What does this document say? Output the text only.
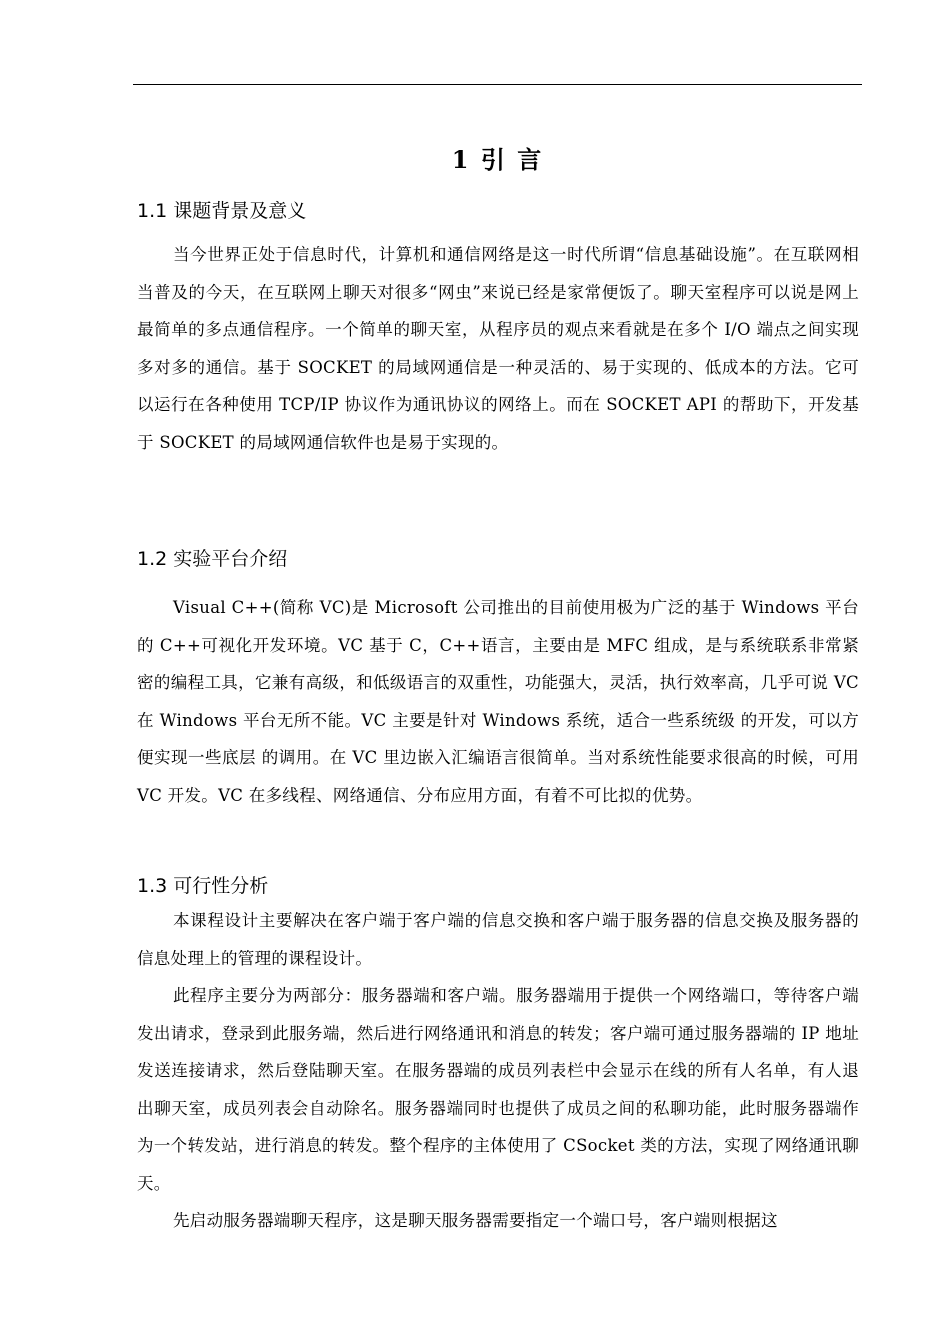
1 引 言
1.1 课题背景及意义

当今世界正处于信息时代，计算机和通信网络是这一时代所谓“信息基础设施”。在互联网相当普及的今天，在互联网上聊天对很多“网虫”来说已经是家常便饭了。聊天室程序可以说是网上最简单的多点通信程序。一个简单的聊天室，从程序员的观点来看就是在多个 I/O 端点之间实现多对多的通信。基于 SOCKET 的局域网通信是一种灵活的、易于实现的、低成本的方法。它可以运行在各种使用 TCP/IP 协议作为通讯协议的网络上。而在 SOCKET API 的帮助下，开发基于 SOCKET 的局域网通信软件也是易于实现的。

1.2 实验平台介绍

Visual C++(简称 VC)是 Microsoft 公司推出的目前使用极为广泛的基于 Windows 平台的 C++可视化开发环境。VC 基于 C，C++语言，主要由是 MFC 组成，是与系统联系非常紧密的编程工具，它兼有高级，和低级语言的双重性，功能强大，灵活，执行效率高，几乎可说 VC 在 Windows 平台无所不能。VC 主要是针对 Windows 系统，适合一些系统级 的开发，可以方便实现一些底层 的调用。在 VC 里边嵌入汇编语言很简单。当对系统性能要求很高的时候，可用 VC 开发。VC 在多线程、网络通信、分布应用方面，有着不可比拟的优势。

1.3 可行性分析

本课程设计主要解决在客户端于客户端的信息交换和客户端于服务器的信息交换及服务器的信息处理上的管理的课程设计。

此程序主要分为两部分：服务器端和客户端。服务器端用于提供一个网络端口，等待客户端发出请求，登录到此服务端，然后进行网络通讯和消息的转发；客户端可通过服务器端的 IP 地址发送连接请求，然后登陆聊天室。在服务器端的成员列表栏中会显示在线的所有人名单，有人退出聊天室，成员列表会自动除名。服务器端同时也提供了成员之间的私聊功能，此时服务器端作为一个转发站，进行消息的转发。整个程序的主体使用了 CSocket 类的方法，实现了网络通讯聊天。

先启动服务器端聊天程序，这是聊天服务器需要指定一个端口号，客户端则根据这
